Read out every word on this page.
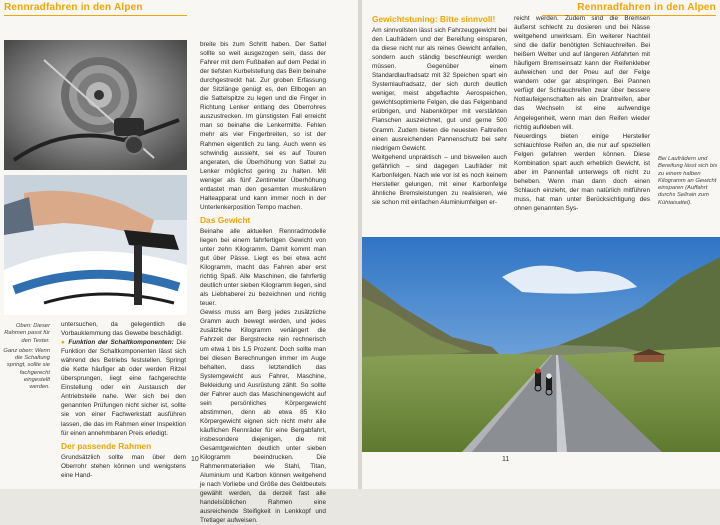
Rennradfahren in den Alpen
Oben: Dieser Rahmen passt für den Tester.
Ganz oben: Wenn die Schaltung springt, sollte sie fachgerecht eingestellt werden.

untersuchen, da gelegentlich die Vorbauklemmung das Gewebe beschädigt.

● Funktion der Schaltkomponenten: Die Funktion der Schaltkomponenten lässt sich während des Betriebs feststellen. Springt die Kette häufiger ab oder werden Ritzel übersprungen, liegt eine fachgerechte Einstellung oder ein Austausch der Antriebsteile nahe. Wer sich bei den genannten Prüfungen nicht sicher ist, sollte sie von einer Fachwerkstatt ausführen lassen, die das im Rahmen einer Inspektion für einen annehmbaren Preis erledigt.

Der passende Rahmen

Grundsätzlich sollte man über dem Oberrohr stehen können und wenigstens eine Hand-

breite bis zum Schritt haben. Der Sattel sollte so weit ausgezogen sein, dass der Fahrer mit dem Fußballen auf dem Pedal in der tiefsten Kurbelstellung das Bein beinahe durchgestreckt hat. Zur groben Erfassung der Sitzlänge genügt es, den Ellbogen an die Sattelspitze zu legen und die Finger in Richtung Lenker entlang des Oberrohres auszustrecken. Im günstigsten Fall erreicht man so beinahe die Lenkermitte. Fehlen mehr als vier Fingerbreiten, so ist der Rahmen eigentlich zu lang. Auch wenn es schwindig aussieht, sei es auf Touren angeraten, die Überhöhung von Sattel zu Lenker möglichst gering zu halten. Mit weniger als fünf Zentimeter Überhöhung entlastet man den gesamten muskulären Halteapparat und kann immer noch in der Unterlenkerposition Tempo machen.

Das Gewicht

Beinahe alle aktuellen Rennradmodelle liegen bei einem fahrfertigen Gewicht von unter zehn Kilogramm. Damit kommt man gut über Pässe. Liegt es bei etwa acht Kilogramm, macht das Fahren aber erst richtig Spaß. Alle Maschinen, die fahrfertig deutlich unter sieben Kilogramm liegen, sind als Liebhaberei zu bezeichnen und richtig teuer.

Gewiss muss am Berg jedes zusätzliche Gramm auch bewegt werden, und jedes zusätzliche Kilogramm verlängert die Fahrzeit der Bergstrecke rein rechnerisch um etwa 1 bis 1,5 Prozent. Doch sollte man bei diesen Berechnungen immer im Auge behalten, dass letztendlich das Systemgewicht aus Fahrer, Maschine, Bekleidung und Ausrüstung zählt. So sollte der Fahrer auch das Maschinengewicht auf sein persönliches Körpergewicht abstimmen, denn ab etwa 85 Kilo Körpergewicht eignen sich nicht mehr alle käuflichen Rennräder für eine Bergabfahrt, insbesondere diejenigen, die mit Gesamtgewichten deutlich unter sieben Kilogramm beeindrucken. Die Rahmenmaterialien wie Stahl, Titan, Aluminium und Karbon können weitgehend je nach Vorliebe und Größe des Geldbeutels gewählt werden, da derzeit fast alle handelsüblichen Rahmen eine ausreichende Steifigkeit in Lenkkopf und Tretlager aufweisen.

10
Rennradfahren in den Alpen
Gewichtstuning: Bitte sinnvoll!

Am sinnvollsten lässt sich Fahrzeuggewicht bei den Laufrädern und der Bereifung einsparen, da diese nicht nur als reines Gewicht anfallen, sondern auch ständig beschleunigt werden müssen. Gegenüber einem Standardlaufradsatz mit 32 Speichen spart ein Systemlaufradsatz, der sich durch deutlich weniger, meist abgeflachte Aerospeichen, gewichtsoptimierte Felgen, die das Felgenband erübrigen, und Nabenkörper mit verstärkten Flanschen auszeichnet, gut und gerne 500 Gramm. Zudem bieten die neuesten Faltreifen einen ausreichenden Pannenschutz bei sehr niedrigem Gewicht.

Weitgehend unpraktisch – und bisweilen auch gefährlich – sind dagegen Laufräder mit Karbonfelgen. Nach wie vor ist es noch keinem Hersteller gelungen, mit einer Karbonfelge ähnliche Bremsleistungen zu realisieren, wie sie schon mit einfachen Aluminiumfelgen er-

reicht werden. Zudem sind die Bremsen äußerst schlecht zu dosieren und bei Nässe weitgehend unwirksam. Ein weiterer Nachteil sind die dafür benötigten Schlauchreifen. Bei heißem Wetter und auf längeren Abfahrten mit häufigem Bremseinsatz kann der Reifenkleber aufweichen und der Pneu auf der Felge wandern oder gar abspringen. Bei Pannen verfügt der Schlauchreifen zwar über bessere Notlaufeigenschaften als ein Drahtreifen, aber das Wechseln ist eine aufwendige Angelegenheit, wenn man den Reifen wieder richtig aufkleben will.

Neuerdings bieten einige Hersteller schlauchlose Reifen an, die nur auf speziellen Felgen gefahren werden können. Diese Kombination spart auch erheblich Gewicht, ist aber im Pannenfall unterwegs oft nicht zu beheben. Wenn man dann doch einen Schlauch einzieht, der man natürlich mitführen muss, hat man unter Berücksichtigung des ohnen genannten Sys-

Bei Laufrädern und Bereifung lässt sich bis zu einem halben Kilogramm an Gewicht einsparen (Auffahrt durchs Sellrain zum Kühtaisattel).
11
